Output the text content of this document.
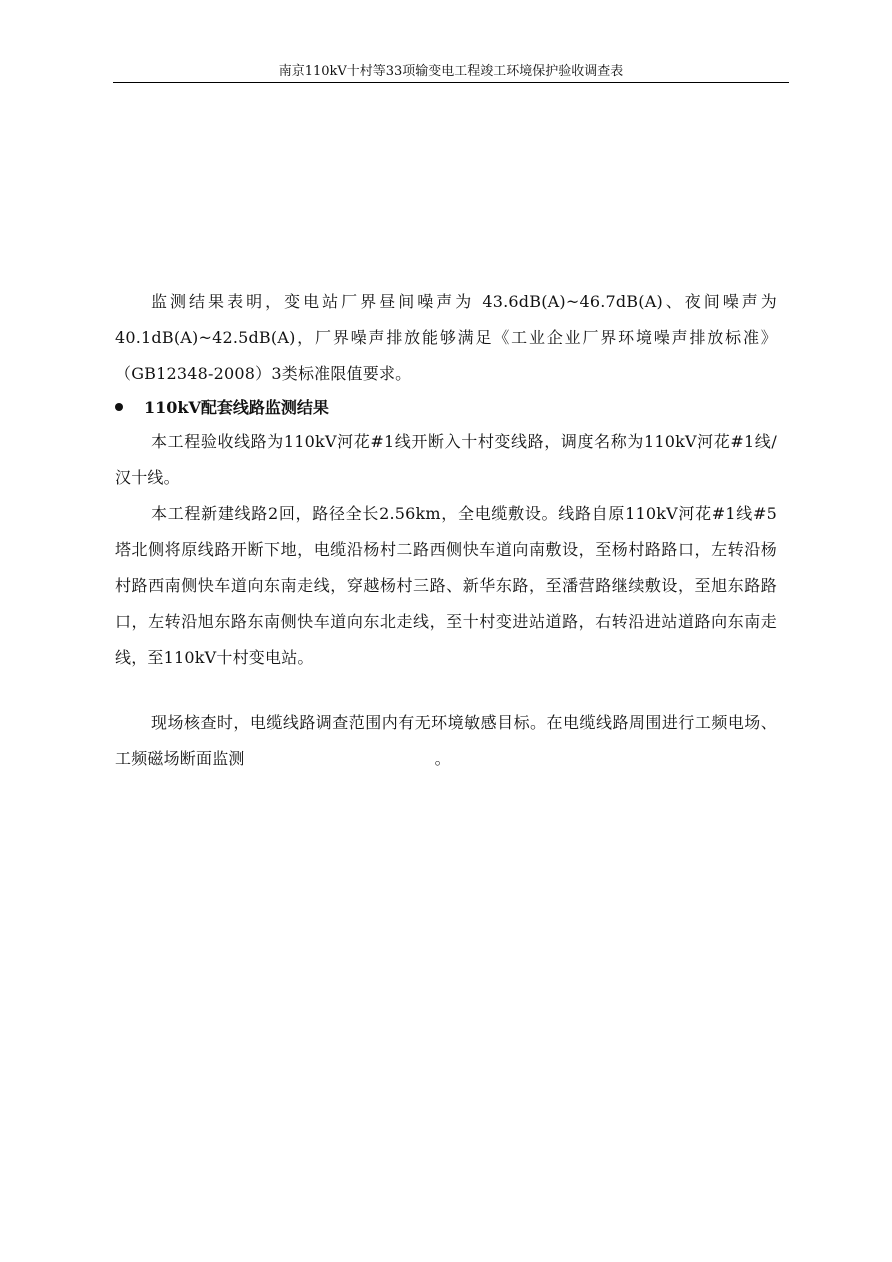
南京110kV十村等33项输变电工程竣工环境保护验收调查表

监测结果表明，变电站厂界昼间噪声为 43.6dB(A)~46.7dB(A)、夜间噪声为 40.1dB(A)~42.5dB(A)，厂界噪声排放能够满足《工业企业厂界环境噪声排放标准》（GB12348-2008）3类标准限值要求。

110kV配套线路监测结果

本工程验收线路为110kV河花#1线开断入十村变线路，调度名称为110kV河花#1线/汉十线。

本工程新建线路2回，路径全长2.56km，全电缆敷设。线路自原110kV河花#1线#5塔北侧将原线路开断下地，电缆沿杨村二路西侧快车道向南敷设，至杨村路路口，左转沿杨村路西南侧快车道向东南走线，穿越杨村三路、新华东路，至潘营路继续敷设，至旭东路路口，左转沿旭东路东南侧快车道向东北走线，至十村变进站道路，右转沿进站道路向东南走线，至110kV十村变电站。

现场核查时，电缆线路调查范围内有无环境敏感目标。在电缆线路周围进行工频电场、工频磁场断面监测	。
